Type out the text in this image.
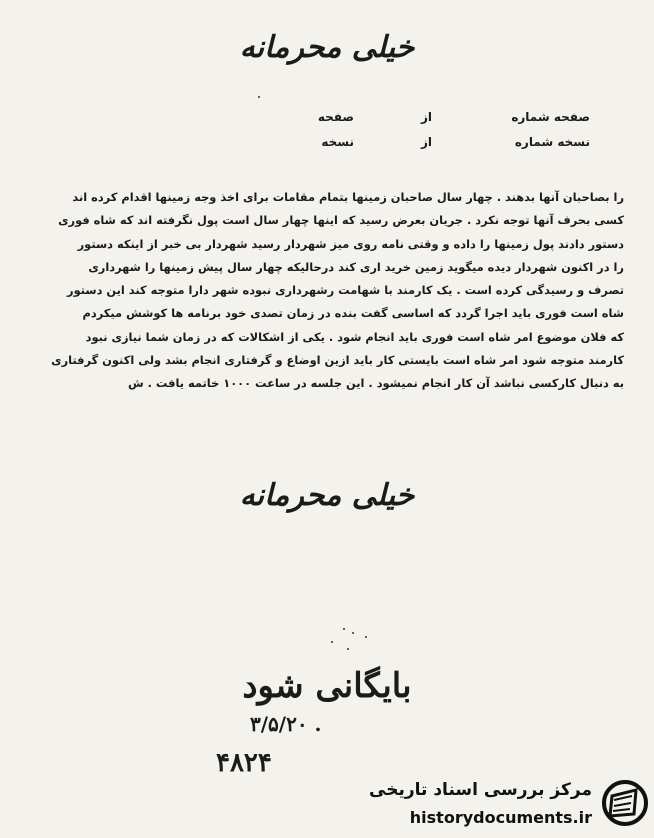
خیلی محرمانه
صفحه شماره
از
صفحه
نسخه شماره
از
نسخه

را بصاحبان آنها بدهند . چهار سال صاحبان زمینها بتمام مقامات برای اخذ وجه زمینها اقدام کرده اند

کسی بحرف آنها توجه نکرد . جریان بعرض رسید که اینها چهار سال است پول نگرفته اند که شاه فوری

دستور دادند پول زمینها را داده و وقتی نامه روی میز شهردار رسید شهردار بی خبر از اینکه دستور

را در اکنون شهردار دیده میگوید زمین خرید اری کند درحالیکه چهار سال پیش زمینها را شهرداری

تصرف و رسیدگی کرده است . یک کارمند با شهامت رشهرداری نبوده شهر دارا متوجه کند این دستور

شاه است فوری باید اجرا گردد که اساسی گفت بنده در زمان تصدی خود برنامه ها کوشش میکردم

که فلان موضوع امر شاه است فوری باید انجام شود . یکی از اشکالات که در زمان شما نیازی نبود

کارمند متوجه شود امر شاه است بایستی کار باید ازین اوضاع و گرفتاری انجام بشد ولی اکنون گرفتاری

به دنبال کارکسی نباشد آن کار انجام نمیشود . این جلسه در ساعت ۱۰۰۰ خاتمه یافت . ش

خیلی محرمانه
بایگانی شود
۳/۵/۲۰ .
۴۸۲۴
مرکز بررسی اسناد تاریخی
historydocuments.ir
